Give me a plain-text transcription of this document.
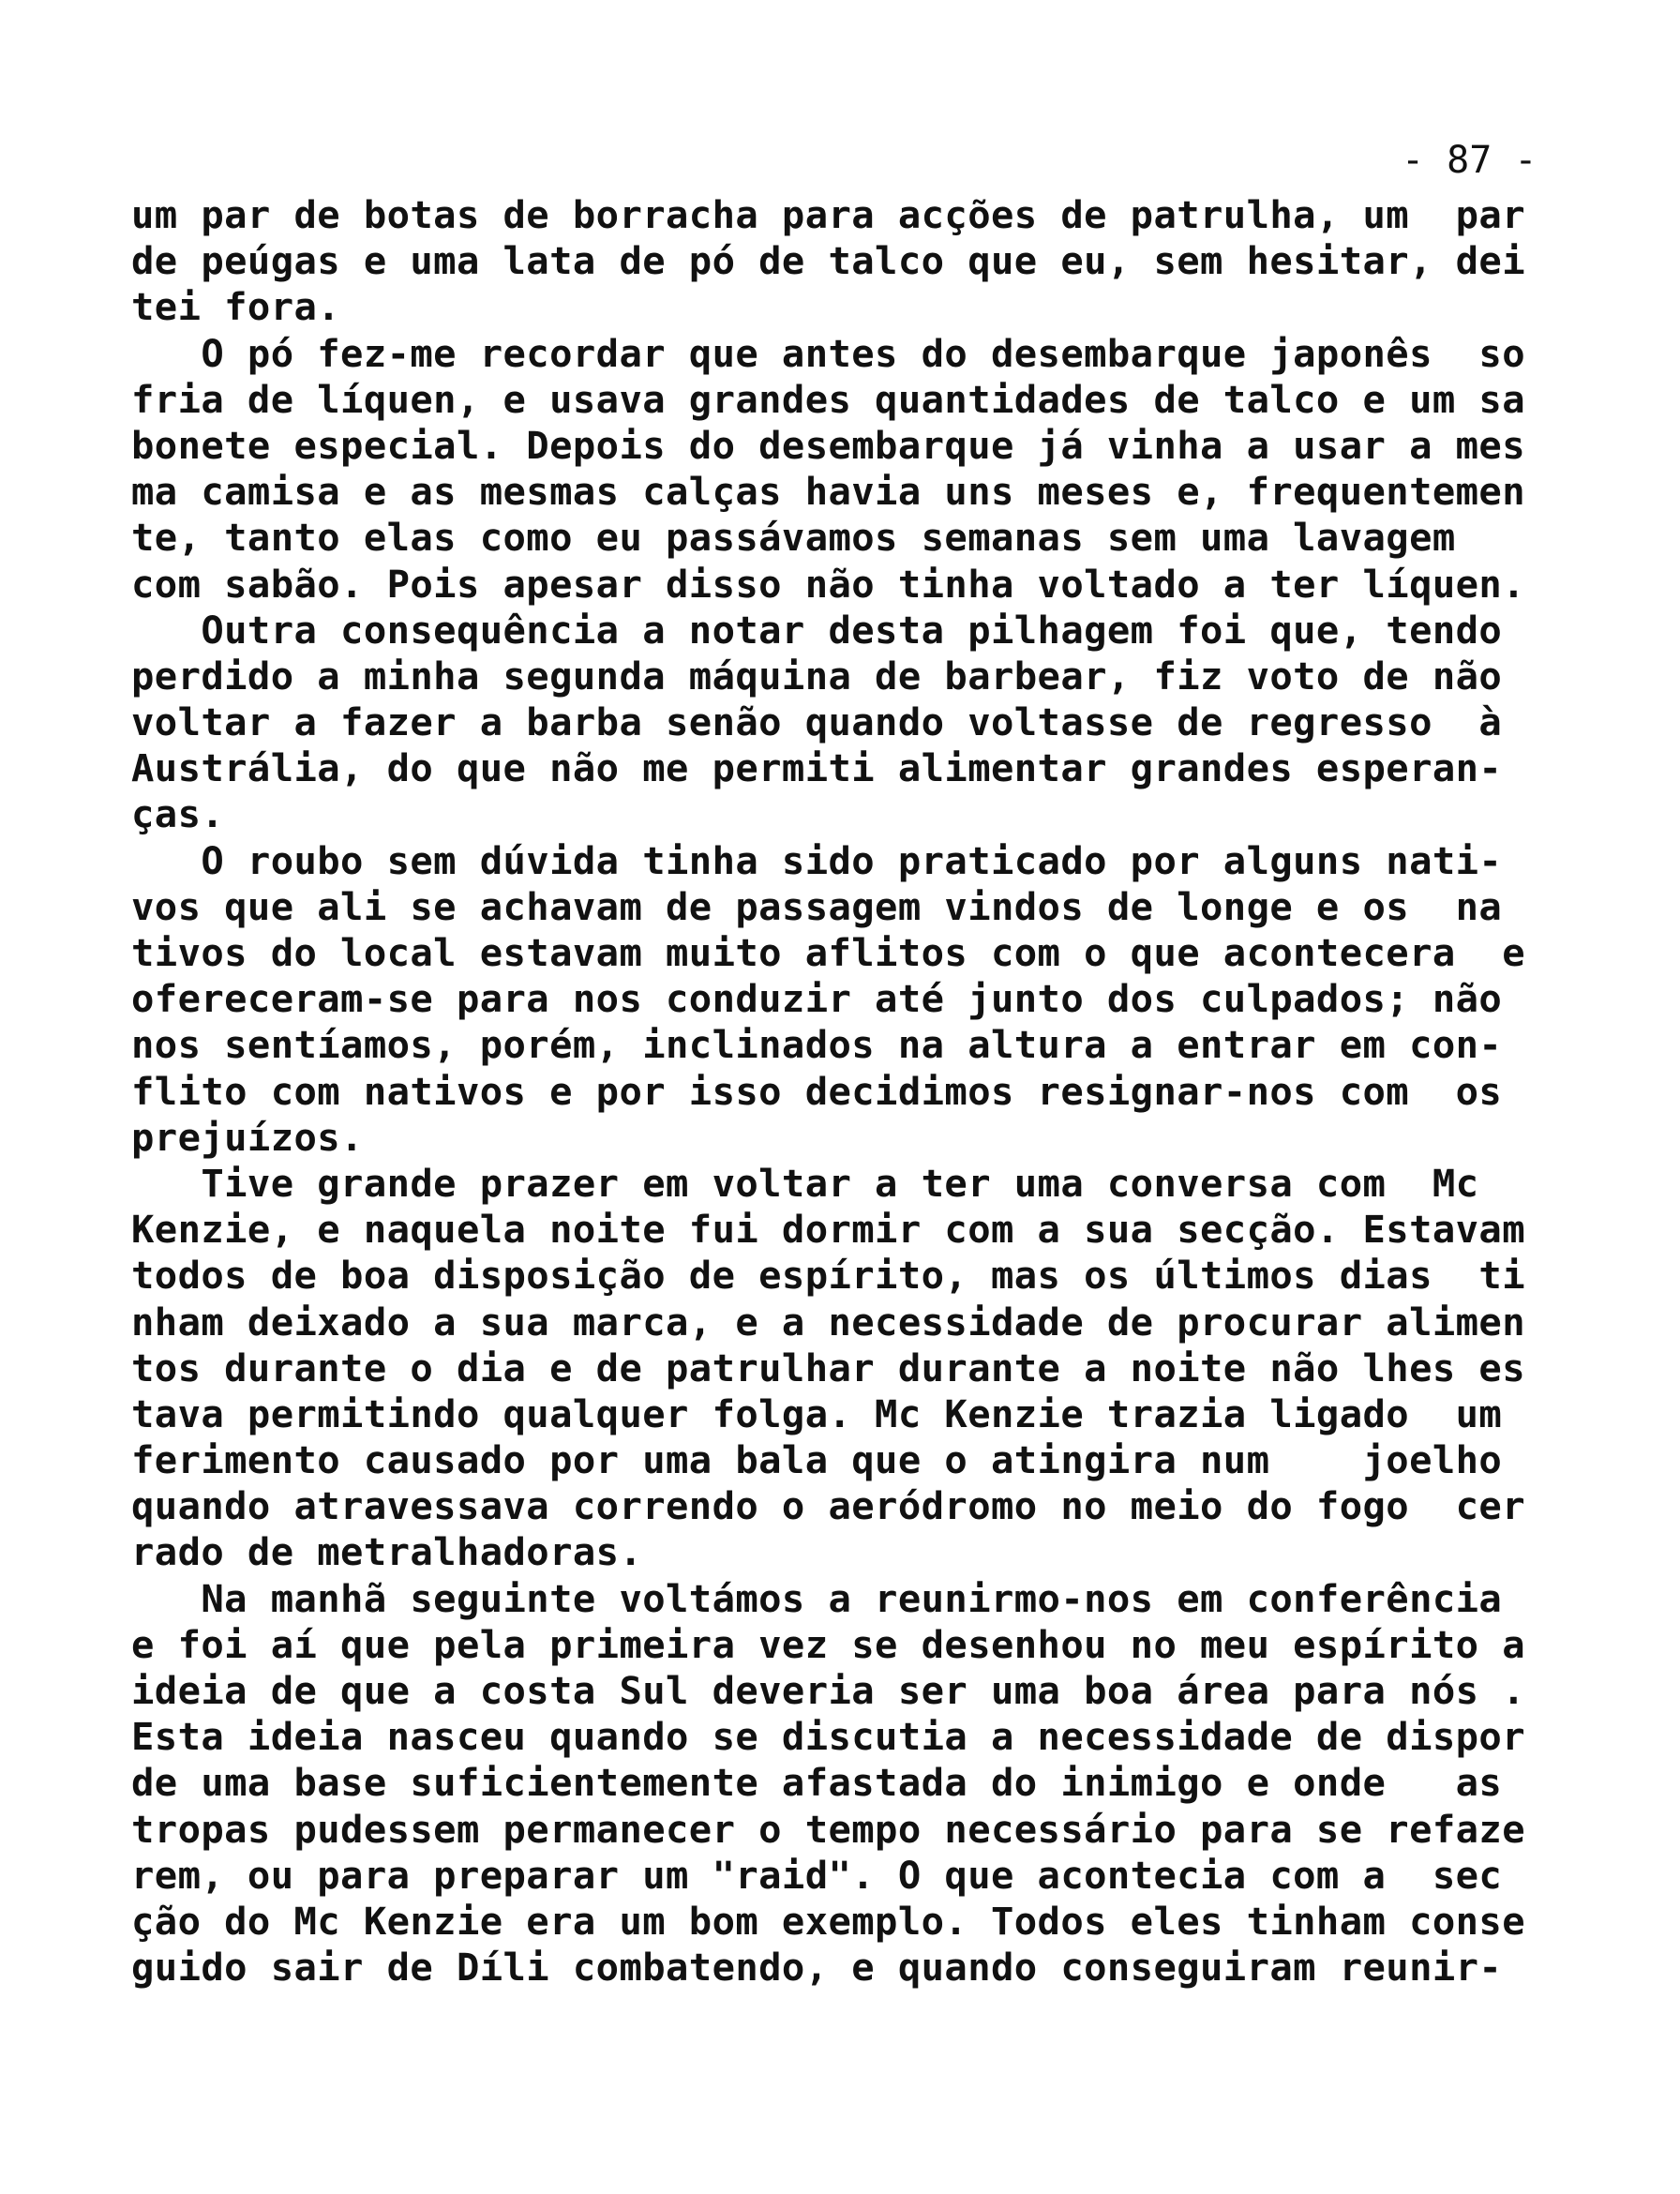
- 87 -
um par de botas de borracha para acções de patrulha, um  par
de peúgas e uma lata de pó de talco que eu, sem hesitar, dei
tei fora.
O pó fez-me recordar que antes do desembarque japonês  so
fria de líquen, e usava grandes quantidades de talco e um sa
bonete especial. Depois do desembarque já vinha a usar a mes
ma camisa e as mesmas calças havia uns meses e, frequentemen
te, tanto elas como eu passávamos semanas sem uma lavagem
com sabão. Pois apesar disso não tinha voltado a ter líquen.
Outra consequência a notar desta pilhagem foi que, tendo
perdido a minha segunda máquina de barbear, fiz voto de não
voltar a fazer a barba senão quando voltasse de regresso  à
Austrália, do que não me permiti alimentar grandes esperan-
ças.
O roubo sem dúvida tinha sido praticado por alguns nati-
vos que ali se achavam de passagem vindos de longe e os  na
tivos do local estavam muito aflitos com o que acontecera  e
ofereceram-se para nos conduzir até junto dos culpados; não
nos sentíamos, porém, inclinados na altura a entrar em con-
flito com nativos e por isso decidimos resignar-nos com  os
prejuízos.
Tive grande prazer em voltar a ter uma conversa com  Mc
Kenzie, e naquela noite fui dormir com a sua secção. Estavam
todos de boa disposição de espírito, mas os últimos dias  ti
nham deixado a sua marca, e a necessidade de procurar alimen
tos durante o dia e de patrulhar durante a noite não lhes es
tava permitindo qualquer folga. Mc Kenzie trazia ligado  um
ferimento causado por uma bala que o atingira num    joelho
quando atravessava correndo o aeródromo no meio do fogo  cer
rado de metralhadoras.
Na manhã seguinte voltámos a reunirmo-nos em conferência
e foi aí que pela primeira vez se desenhou no meu espírito a
ideia de que a costa Sul deveria ser uma boa área para nós .
Esta ideia nasceu quando se discutia a necessidade de dispor
de uma base suficientemente afastada do inimigo e onde   as
tropas pudessem permanecer o tempo necessário para se refaze
rem, ou para preparar um "raid". O que acontecia com a  sec
ção do Mc Kenzie era um bom exemplo. Todos eles tinham conse
guido sair de Díli combatendo, e quando conseguiram reunir-
